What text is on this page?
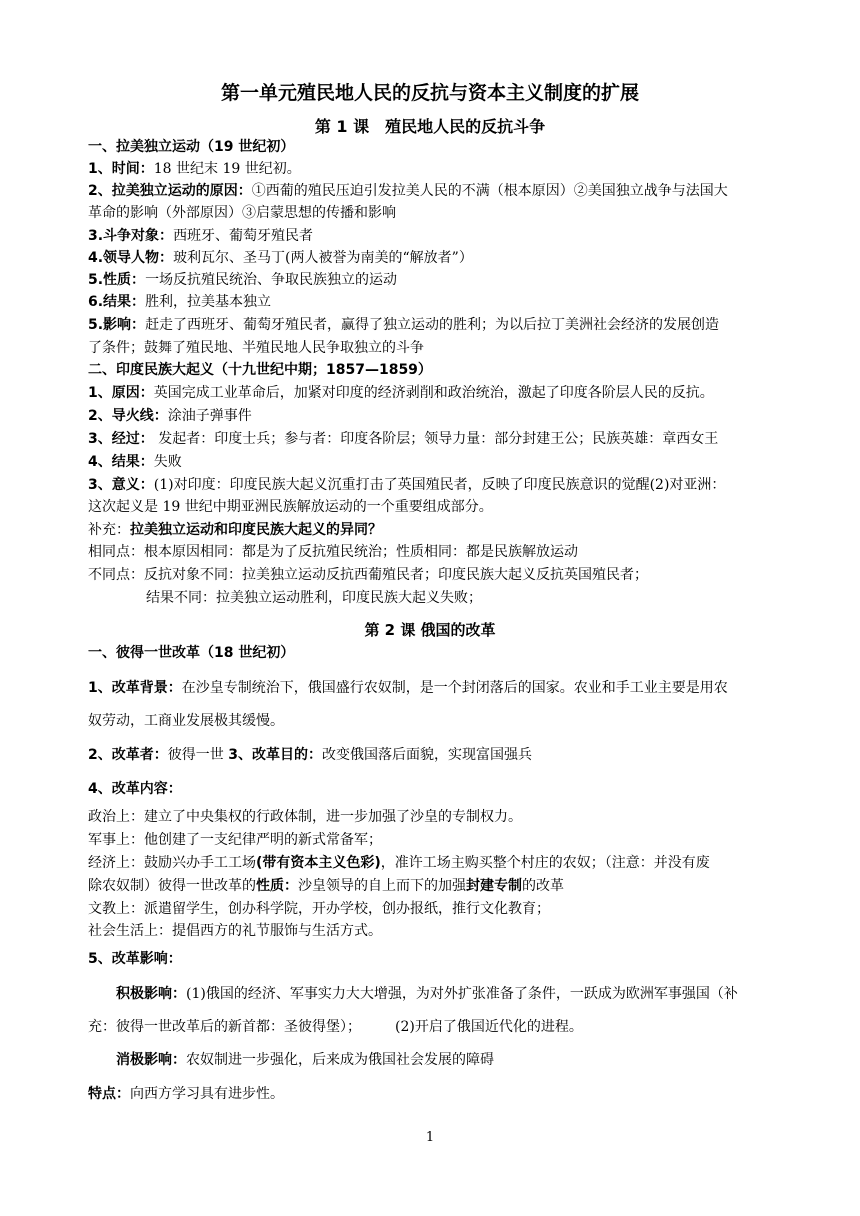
第一单元殖民地人民的反抗与资本主义制度的扩展
第 1 课　殖民地人民的反抗斗争
一、拉美独立运动（19 世纪初）
1、时间：18 世纪末 19 世纪初。
2、拉美独立运动的原因：①西葡的殖民压迫引发拉美人民的不满（根本原因）②美国独立战争与法国大
革命的影响（外部原因）③启蒙思想的传播和影响
3.斗争对象：西班牙、葡萄牙殖民者
4.领导人物：玻利瓦尔、圣马丁(两人被誉为南美的“解放者”）
5.性质：一场反抗殖民统治、争取民族独立的运动
6.结果：胜利，拉美基本独立
5.影响：赶走了西班牙、葡萄牙殖民者，赢得了独立运动的胜利；为以后拉丁美洲社会经济的发展创造
了条件；鼓舞了殖民地、半殖民地人民争取独立的斗争
二、印度民族大起义（十九世纪中期；1857—1859）
1、原因：英国完成工业革命后，加紧对印度的经济剥削和政治统治，激起了印度各阶层人民的反抗。
2、导火线：涂油子弹事件
3、经过： 发起者：印度士兵；参与者：印度各阶层；领导力量：部分封建王公；民族英雄：章西女王
4、结果：失败
3、意义：(1)对印度：印度民族大起义沉重打击了英国殖民者，反映了印度民族意识的觉醒(2)对亚洲：
这次起义是 19 世纪中期亚洲民族解放运动的一个重要组成部分。
补充：拉美独立运动和印度民族大起义的异同？
相同点：根本原因相同：都是为了反抗殖民统治；性质相同：都是民族解放运动
不同点：反抗对象不同：拉美独立运动反抗西葡殖民者；印度民族大起义反抗英国殖民者；
结果不同：拉美独立运动胜利，印度民族大起义失败；
第 2 课 俄国的改革
一、彼得一世改革（18 世纪初）
1、改革背景：在沙皇专制统治下，俄国盛行农奴制，是一个封闭落后的国家。农业和手工业主要是用农
奴劳动，工商业发展极其缓慢。
2、改革者：彼得一世 3、改革目的：改变俄国落后面貌，实现富国强兵
4、改革内容：
政治上：建立了中央集权的行政体制，进一步加强了沙皇的专制权力。
军事上：他创建了一支纪律严明的新式常备军；
经济上：鼓励兴办手工工场(带有资本主义色彩)，准许工场主购买整个村庄的农奴；（注意：并没有废
除农奴制）彼得一世改革的性质：沙皇领导的自上而下的加强封建专制的改革
文教上：派遣留学生，创办科学院，开办学校，创办报纸，推行文化教育；
社会生活上：提倡西方的礼节服饰与生活方式。
5、改革影响：
积极影响：(1)俄国的经济、军事实力大大增强，为对外扩张准备了条件，一跃成为欧洲军事强国（补
充：彼得一世改革后的新首都：圣彼得堡）； (2)开启了俄国近代化的进程。
消极影响：农奴制进一步强化，后来成为俄国社会发展的障碍
特点：向西方学习具有进步性。
1
